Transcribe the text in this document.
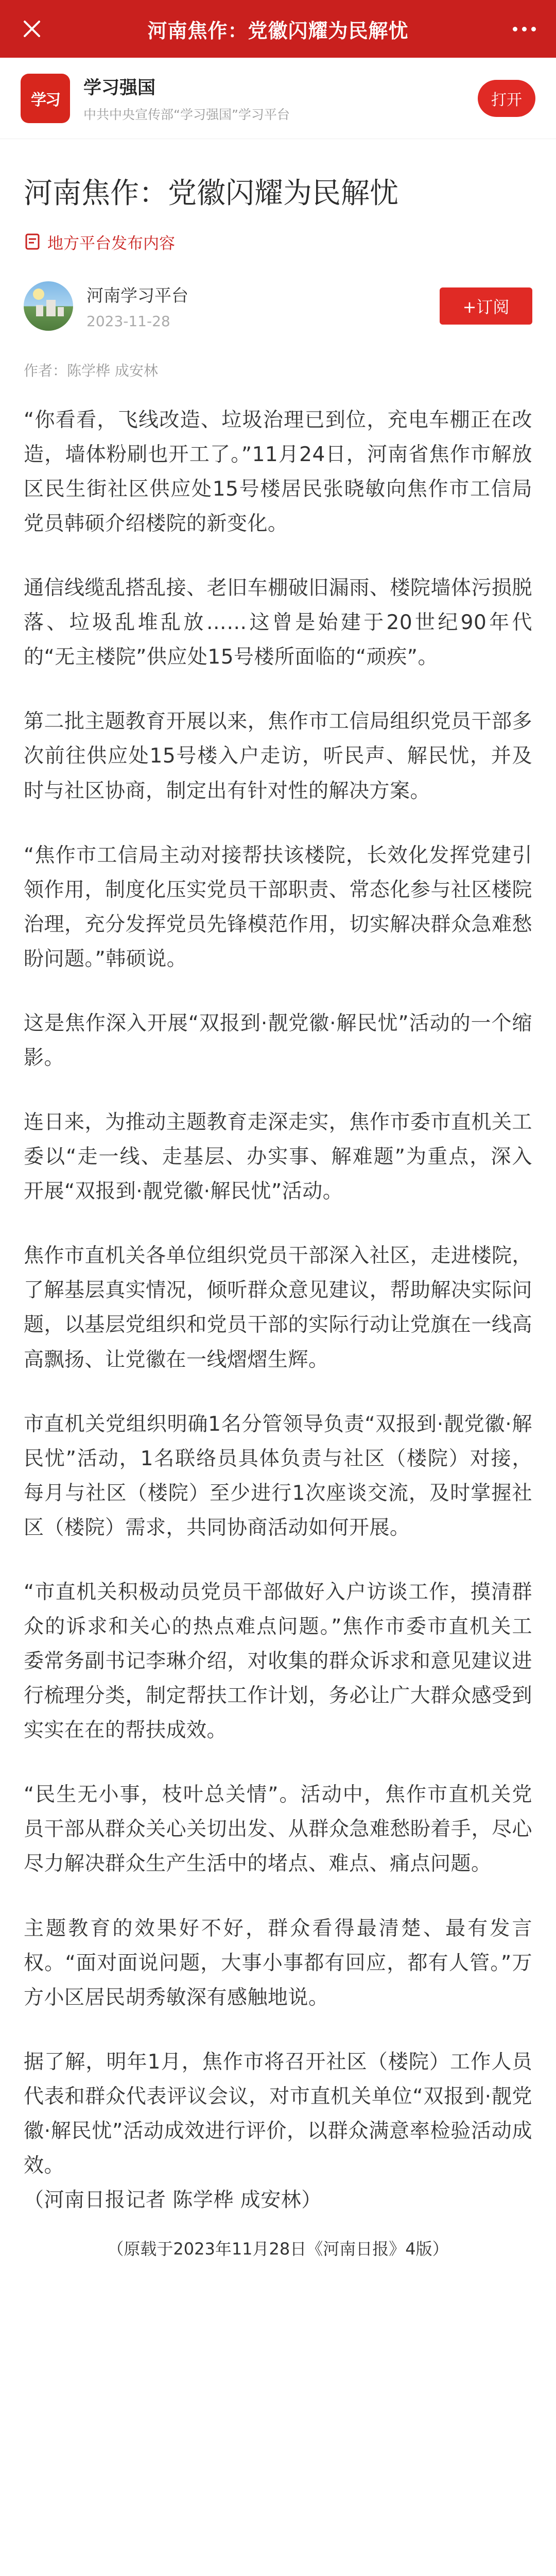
河南焦作：党徽闪耀为民解忧
学习
学习强国
中共中央宣传部“学习强国”学习平台
打开
河南焦作：党徽闪耀为民解忧
地方平台发布内容
河南学习平台
2023-11-28
+订阅
作者：陈学桦 成安林

“你看看，飞线改造、垃圾治理已到位，充电车棚正在改造，墙体粉刷也开工了。”11月24日，河南省焦作市解放区民生街社区供应处15号楼居民张晓敏向焦作市工信局党员韩硕介绍楼院的新变化。

通信线缆乱搭乱接、老旧车棚破旧漏雨、楼院墙体污损脱落、垃圾乱堆乱放……这曾是始建于20世纪90年代的“无主楼院”供应处15号楼所面临的“顽疾”。

第二批主题教育开展以来，焦作市工信局组织党员干部多次前往供应处15号楼入户走访，听民声、解民忧，并及时与社区协商，制定出有针对性的解决方案。

“焦作市工信局主动对接帮扶该楼院，长效化发挥党建引领作用，制度化压实党员干部职责、常态化参与社区楼院治理，充分发挥党员先锋模范作用，切实解决群众急难愁盼问题。”韩硕说。

这是焦作深入开展“双报到·靓党徽·解民忧”活动的一个缩影。

连日来，为推动主题教育走深走实，焦作市委市直机关工委以“走一线、走基层、办实事、解难题”为重点，深入开展“双报到·靓党徽·解民忧”活动。

焦作市直机关各单位组织党员干部深入社区，走进楼院，了解基层真实情况，倾听群众意见建议，帮助解决实际问题，以基层党组织和党员干部的实际行动让党旗在一线高高飘扬、让党徽在一线熠熠生辉。

市直机关党组织明确1名分管领导负责“双报到·靓党徽·解民忧”活动，1名联络员具体负责与社区（楼院）对接，每月与社区（楼院）至少进行1次座谈交流，及时掌握社区（楼院）需求，共同协商活动如何开展。

“市直机关积极动员党员干部做好入户访谈工作，摸清群众的诉求和关心的热点难点问题。”焦作市委市直机关工委常务副书记李琳介绍，对收集的群众诉求和意见建议进行梳理分类，制定帮扶工作计划，务必让广大群众感受到实实在在的帮扶成效。

“民生无小事，枝叶总关情”。活动中，焦作市直机关党员干部从群众关心关切出发、从群众急难愁盼着手，尽心尽力解决群众生产生活中的堵点、难点、痛点问题。

主题教育的效果好不好，群众看得最清楚、最有发言权。“面对面说问题，大事小事都有回应，都有人管。”万方小区居民胡秀敏深有感触地说。

据了解，明年1月，焦作市将召开社区（楼院）工作人员代表和群众代表评议会议，对市直机关单位“双报到·靓党徽·解民忧”活动成效进行评价，以群众满意率检验活动成效。

（河南日报记者 陈学桦 成安林）

（原载于2023年11月28日《河南日报》4版）
